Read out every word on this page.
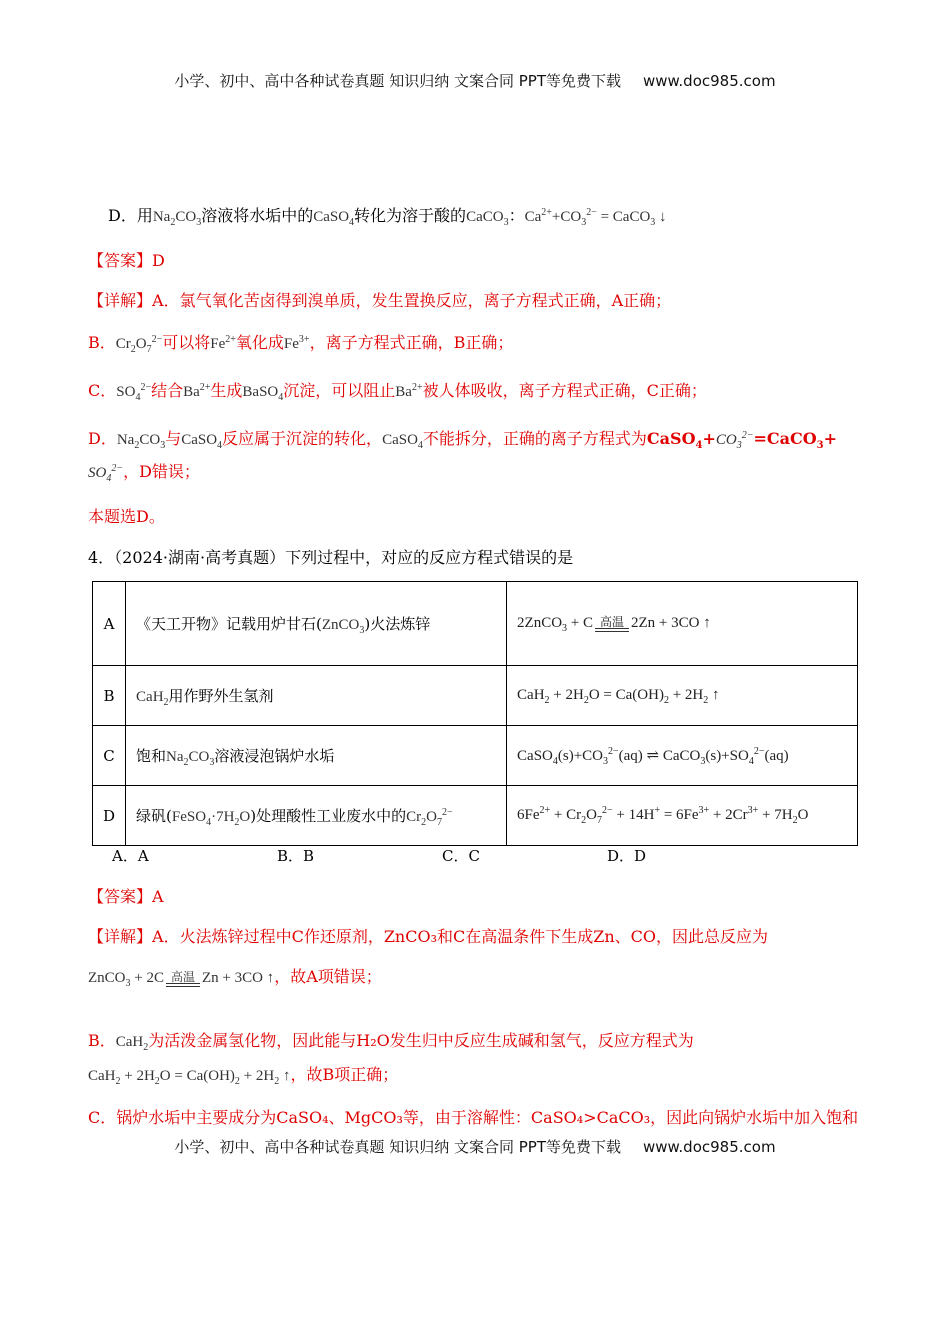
小学、初中、高中各种试卷真题 知识归纳 文案合同 PPT等免费下载 www.doc985.com
D．用$Na_2CO_3$溶液将水垢中的CaSO$_4$转化为溶于酸的CaCO$_3$：$Ca^{2+}+CO_3^{2-}$ = CaCO$_3$ ↓
【答案】D
【详解】A．氯气氧化苦卤得到溴单质，发生置换反应，离子方程式正确，A正确；
B．$Cr_2O_7^{2-}$可以将$Fe^{2+}$氧化成$Fe^{3+}$，离子方程式正确，B正确；
C．$SO_4^{2-}$结合$Ba^{2+}$生成BaSO$_4$沉淀，可以阻止$Ba^{2+}$被人体吸收，离子方程式正确，C正确；
D．$Na_2CO_3$与CaSO$_4$反应属于沉淀的转化，CaSO$_4$不能拆分，正确的离子方程式为$CaSO_4+CO_3^{2-}=CaCO_3+$
$SO_4^{2-}$，D错误；
本题选D。
4．（2024·湖南·高考真题）下列过程中，对应的反应方程式错误的是
A	《天工开物》记载用炉甘石(ZnCO$_3$)火法炼锌	2ZnCO$_3$ + C 高温 2Zn + 3CO ↑
B	CaH$_2$用作野外生氢剂	$CaH_2 + 2H_2O = Ca(OH)_2 + 2H_2$ ↑
C	饱和$Na_2CO_3$溶液浸泡锅炉水垢	$CaSO_4(s)+CO_3^{2-}(aq)$ ⇌ $CaCO_3(s)+SO_4^{2-}(aq)$
D	绿矾$(FeSO_4\cdot 7H_2O)$处理酸性工业废水中的$Cr_2O_7^{2-}$	$6Fe^{2+} + Cr_2O_7^{2-} + 14H^+ = 6Fe^{3+} + 2Cr^{3+} + 7H_2O$
A．A	B．B	C．C	D．D
【答案】A
【详解】A．火法炼锌过程中C作还原剂，ZnCO₃和C在高温条件下生成Zn、CO，因此总反应为
ZnCO$_3$ + 2C 高温 Zn + 3CO ↑，故A项错误；
B．CaH$_2$为活泼金属氢化物，因此能与H₂O发生归中反应生成碱和氢气，反应方程式为
$CaH_2 + 2H_2O = Ca(OH)_2 + 2H_2$ ↑，故B项正确；
C．锅炉水垢中主要成分为CaSO₄、MgCO₃等，由于溶解性：CaSO₄>CaCO₃，因此向锅炉水垢中加入饱和
小学、初中、高中各种试卷真题 知识归纳 文案合同 PPT等免费下载 www.doc985.com
